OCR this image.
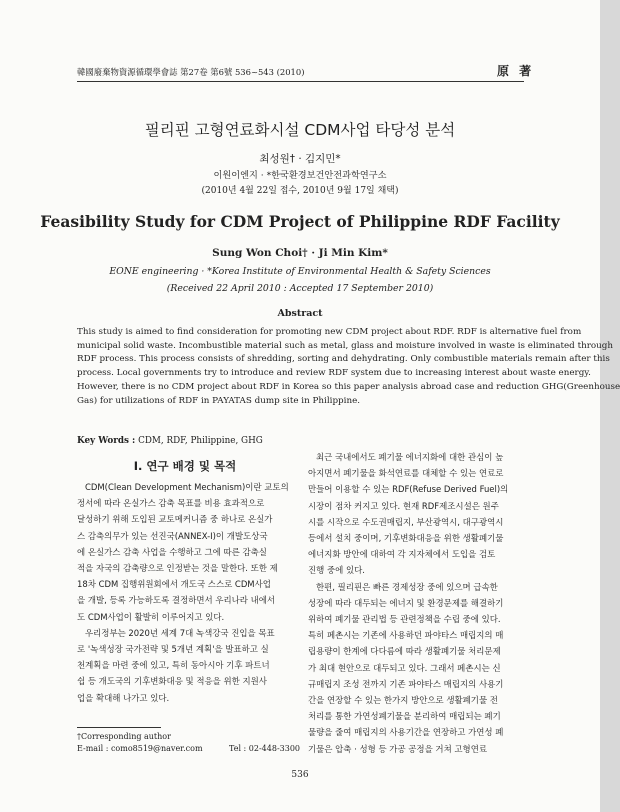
韓國廢棄物資源循環學會誌 第27卷 第6號 536~543 (2010)	原 著
필리핀 고형연료화시설 CDM사업 타당성 분석
최성원† · 김지민*
이원이엔지 · *한국환경보건안전과학연구소
(2010년 4월 22일 접수, 2010년 9월 17일 채택)
Feasibility Study for CDM Project of Philippine RDF Facility
Sung Won Choi† · Ji Min Kim*
EONE engineering · *Korea Institute of Environmental Health & Safety Sciences
(Received 22 April 2010 : Accepted 17 September 2010)
Abstract
This study is aimed to find consideration for promoting new CDM project about RDF. RDF is alternative fuel from
municipal solid waste. Incombustible material such as metal, glass and moisture involved in waste is eliminated through
RDF process. This process consists of shredding, sorting and dehydrating. Only combustible materials remain after this
process. Local governments try to introduce and review RDF system due to increasing interest about waste energy.
However, there is no CDM project about RDF in Korea so this paper analysis abroad case and reduction GHG(Greenhouse
Gas) for utilizations of RDF in PAYATAS dump site in Philippine.
Key Words : CDM, RDF, Philippine, GHG
I. 연구 배경 및 목적
CDM(Clean Development Mechanism)이란 교토의
정서에 따라 온실가스 감축 목표를 비용 효과적으로
달성하기 위해 도입된 교토메커니즘 중 하나로 온실가
스 감축의무가 있는 선진국(ANNEX-I)이 개발도상국
에 온실가스 감축 사업을 수행하고 그에 따른 감축실
적을 자국의 감축량으로 인정받는 것을 말한다. 또한 제
18차 CDM 집행위원회에서 개도국 스스로 CDM사업
을 개발, 등록 가능하도록 결정하면서 우리나라 내에서
도 CDM사업이 활발히 이루어지고 있다.
우리정부는 2020년 세계 7대 녹색강국 진입을 목표
로 '녹색성장 국가전략 및 5개년 계획'을 발표하고 실
천계획을 마련 중에 있고, 특히 동아시아 기후 파트너
쉽 등 개도국의 기후변화대응 및 적응을 위한 지원사
업을 확대해 나가고 있다.
최근 국내에서도 폐기물 에너지화에 대한 관심이 높
아지면서 폐기물을 화석연료를 대체할 수 있는 연료로
만들어 이용할 수 있는 RDF(Refuse Derived Fuel)의
시장이 점차 커지고 있다. 현재 RDF제조시설은 원주
시를 시작으로 수도권매립지, 부산광역시, 대구광역시
등에서 설치 중이며, 기후변화대응을 위한 생활폐기물
에너지화 방안에 대하여 각 지자체에서 도입을 검토
진행 중에 있다.
한편, 필리핀은 빠른 경제성장 중에 있으며 급속한
성장에 따라 대두되는 에너지 및 환경문제를 해결하기
위하여 폐기물 관리법 등 관련정책을 수립 중에 있다.
특히 페촌시는 기존에 사용하던 파야타스 매립지의 매
립용량이 한계에 다다름에 따라 생활폐기물 처리문제
가 최대 현안으로 대두되고 있다. 그래서 페촌시는 신
규매립지 조성 전까지 기존 파야타스 매립지의 사용기
간을 연장할 수 있는 한가지 방안으로 생활폐기물 전
처리를 통한 가연성폐기물을 분리하여 매립되는 폐기
물량을 줄여 매립지의 사용기간을 연장하고 가연성 폐
기물은 압축 · 성형 등 가공 공정을 거쳐 고형연료
†Corresponding author
E-mail : como8519@naver.com	Tel : 02-448-3300
536
